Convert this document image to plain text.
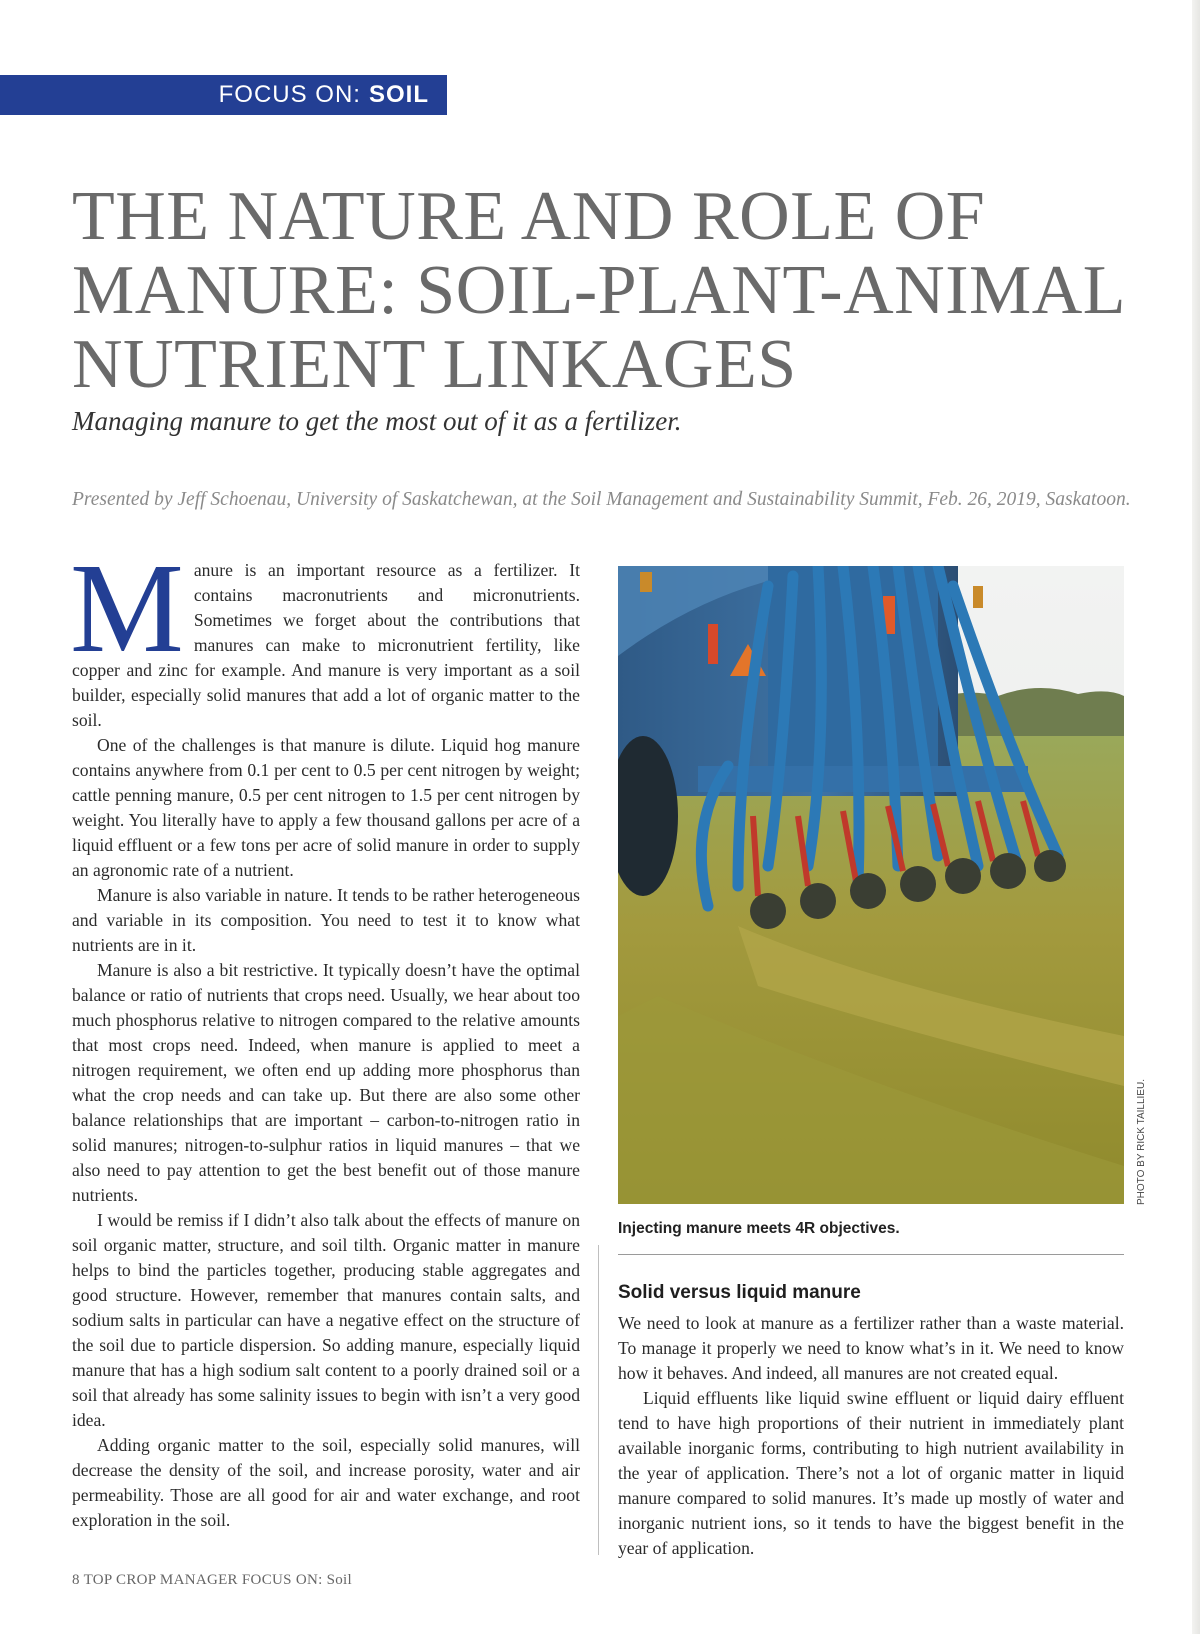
FOCUS ON: SOIL
THE NATURE AND ROLE OF MANURE: SOIL-PLANT-ANIMAL NUTRIENT LINKAGES

Managing manure to get the most out of it as a fertilizer.

Presented by Jeff Schoenau, University of Saskatchewan, at the Soil Management and Sustainability Summit, Feb. 26, 2019, Saskatoon.

Manure is an important resource as a fertilizer. It contains macronutrients and micronutrients. Sometimes we forget about the contributions that manures can make to micronutrient fertility, like copper and zinc for example. And manure is very important as a soil builder, especially solid manures that add a lot of organic matter to the soil.

One of the challenges is that manure is dilute. Liquid hog manure contains anywhere from 0.1 per cent to 0.5 per cent nitrogen by weight; cattle penning manure, 0.5 per cent nitrogen to 1.5 per cent nitrogen by weight. You literally have to apply a few thousand gallons per acre of a liquid effluent or a few tons per acre of solid manure in order to supply an agronomic rate of a nutrient.

Manure is also variable in nature. It tends to be rather heterogeneous and variable in its composition. You need to test it to know what nutrients are in it.

Manure is also a bit restrictive. It typically doesn’t have the optimal balance or ratio of nutrients that crops need. Usually, we hear about too much phosphorus relative to nitrogen compared to the relative amounts that most crops need. Indeed, when manure is applied to meet a nitrogen requirement, we often end up adding more phosphorus than what the crop needs and can take up. But there are also some other balance relationships that are important – carbon-to-nitrogen ratio in solid manures; nitrogen-to-sulphur ratios in liquid manures – that we also need to pay attention to get the best benefit out of those manure nutrients.

I would be remiss if I didn’t also talk about the effects of manure on soil organic matter, structure, and soil tilth. Organic matter in manure helps to bind the particles together, producing stable aggregates and good structure. However, remember that manures contain salts, and sodium salts in particular can have a negative effect on the structure of the soil due to particle dispersion. So adding manure, especially liquid manure that has a high sodium salt content to a poorly drained soil or a soil that already has some salinity issues to begin with isn’t a very good idea.

Adding organic matter to the soil, especially solid manures, will decrease the density of the soil, and increase porosity, water and air permeability. Those are all good for air and water exchange, and root exploration in the soil.

PHOTO BY RICK TAILLIEU.
Injecting manure meets 4R objectives.
Solid versus liquid manure

We need to look at manure as a fertilizer rather than a waste material. To manage it properly we need to know what’s in it. We need to know how it behaves. And indeed, all manures are not created equal.

Liquid effluents like liquid swine effluent or liquid dairy effluent tend to have high proportions of their nutrient in immediately plant available inorganic forms, contributing to high nutrient availability in the year of application. There’s not a lot of organic matter in liquid manure compared to solid manures. It’s made up mostly of water and inorganic nutrient ions, so it tends to have the biggest benefit in the year of application.

8 TOP CROP MANAGER FOCUS ON: Soil
